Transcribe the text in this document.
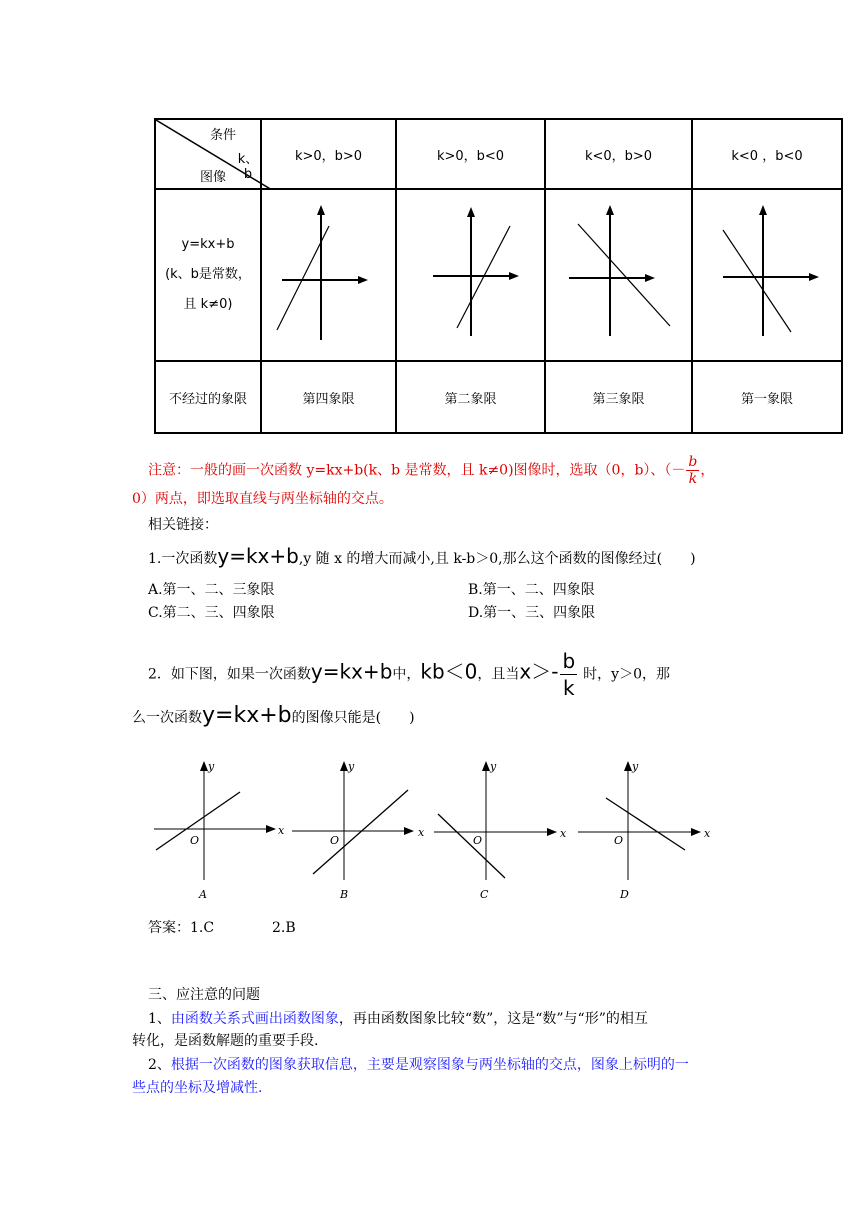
条件
k、b
图像	k>0，b>0	k>0，b<0	k<0，b>0	k<0 ，b<0

y=kx+b
(k、b是常数，
且 k≠0)

不经过的象限	第四象限	第二象限	第三象限	第一象限
注意：一般的画一次函数 y=kx+b(k、b 是常数，且 k≠0)图像时，选取（0，b）、（－ $\frac{b}{k}$ ，
0）两点，即选取直线与两坐标轴的交点。
相关链接：
1.一次函数y=kx+b,y 随 x 的增大而减小,且 k-b＞0,那么这个函数的图像经过(　　)
A.第一、二、三象限	B.第一、二、四象限
C.第二、三、四象限	D.第一、三、四象限
2．如下图，如果一次函数y=kx+b中，kb＜0，且当$x>- \frac{b}{k}$ 时，y＞0，那
么一次函数y=kx+b的图像只能是(　　)
x
y
O
A
x
y
O
B
x
y
O
C
x
y
O
D
答案：1.C	2.B
三、应注意的问题
1、由函数关系式画出函数图象，再由函数图象比较“数”，这是“数”与“形”的相互
转化，是函数解题的重要手段.
2、根据一次函数的图象获取信息，主要是观察图象与两坐标轴的交点，图象上标明的一
些点的坐标及增减性.
